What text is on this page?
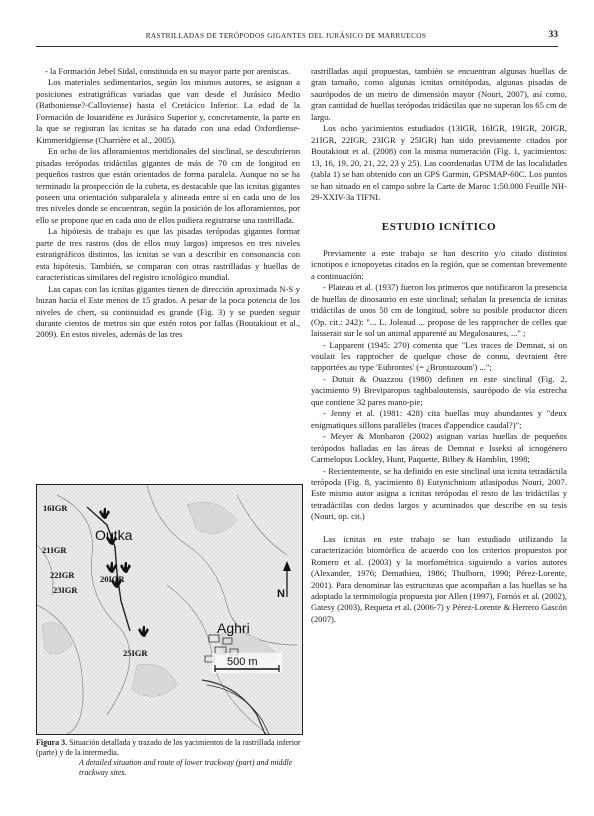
RASTRILLADAS DE TERÓPODOS GIGANTES DEL JURÁSICO DE MARRUECOS	33

- la Formación Jebel Sidal, constituida en su mayor parte por areniscas.

Los materiales sedimentarios, según los mismos autores, se asignan a posiciones estratigráficas variadas que van desde el Jurásico Medio (Bathoniense?-Calloviense) hasta el Cretácico Inferior. La edad de la Formación de Iouaridène es Jurásico Superior y, concretamente, la parte en la que se registran las icnitas se ha datado con una edad Oxfordiense-Kimmeridgiense (Charrière et al., 2005).

En ocho de los afloramientos meridionales del sinclinal, se descubrieron pisadas terópodas tridáctilas gigantes de más de 70 cm de longitud en pequeños rastros que están orientados de forma paralela. Aunque no se ha terminado la prospección de la cubeta, es destacable que las icnitas gigantes poseen una orientación subparalela y alineada entre sí en cada uno de los tres niveles donde se encuentran, según la posición de los afloramientos, por ello se propone que en cada uno de ellos pudiera registrarse una rastrillada.

La hipótesis de trabajo es que las pisadas terópodas gigantes formar parte de tres rastros (dos de ellos muy largos) impresos en tres niveles estratigráficos distintos, las icnitas se van a describir en consonancia con esta hipótesis. También, se comparan con otras rastrilladas y huellas de características similares del registro icnológico mundial.

Las capas con las icnitas gigantes tienen de dirección aproximada N-S y buzan hacia el Este menos de 15 grados. A pesar de la poca potencia de los niveles de chert, su continuidad es grande (Fig. 3) y se pueden seguir durante cientos de metros sin que estén rotos por fallas (Boutakiout et al., 2009). En estos niveles, además de las tres

16IGR
21IGR
22IGR	20IGR
23IGR
25IGR
Outka
Aghri
N
500 m
Figura 3. Situación detallada y trazado de los yacimientos de la rastrillada inferior (parte) y de la intermedia.
A detailed situation and route of lower trackway (part) and middle trackway sites.

rastrilladas aquí propuestas, también se encuentran algunas huellas de gran tamaño, como algunas icnitas ornitópodas, algunas pisadas de saurópodos de un metro de dimensión mayor (Nouri, 2007), así como, gran cantidad de huellas terópodas tridáctilas que no superan los 65 cm de largo.

Los ocho yacimientos estudiados (13IGR, 16IGR, 19IGR, 20IGR, 21IGR, 22IGR, 23IGR y 25IGR) han sido previamente citados por Boutakiout et al. (2008) con la misma numeración (Fig. 1, yacimientos: 13, 16, 19, 20, 21, 22, 23 y 25). Las coordenadas UTM de las localidades (tabla 1) se han obtenido con un GPS Garmin, GPSMAP-60C. Los puntos se han situado en el campo sobre la Carte de Maroc 1:50.000 Feuille NH-29-XXIV-3a TIFNI.

ESTUDIO ICNÍTICO

Previamente a este trabajo se han descrito y/o citado distintos icnotipos e icnopoyetas citados en la región, que se comentan brevemente a continuación:

- Plateau et al. (1937) fueron los primeros que notificaron la presencia de huellas de dinosaurio en este sinclinal; señalan la presencia de icnitas tridáctilas de unos 50 cm de longitud, sobre su posible productor dicen (Op. cit.: 242): "... L. Joleaud ... propose de les rapprocher de celles que laisserait sur le sol un animal apparenté au Megalosaures, ..." ;

- Lapparent (1945: 270) comenta que "Les traces de Demnat, si on voulait les rapprocher de quelque chose de connu, devraient être rapportées au type 'Eubrontes' (= ¿Brontozoum') ...";

- Dutuit & Ouazzou (1980) definen en este sinclinal (Fig. 2, yacimiento 9) Breviparopus taghbaloutensis, saurópodo de vía estrecha que contiene 32 pares mano-pie;

- Jenny et al. (1981: 428) cita huellas muy abundantes y "deux enigmatiques sillons parallèles (traces d'appendice caudal?)";

- Meyer & Monbaron (2002) asignan varias huellas de pequeños terópodos halladas en las áreas de Demnat e Isseksi al icnogénero Carmelopus Lockley, Hunt, Paquette, Bilbey & Hamblin, 1998;

- Recientemente, se ha definido en este sinclinal una icnita tetradáctila terópoda (Fig. 8, yacimiento 8) Eutynichnium atlasipodus Nouri, 2007. Este mismo autor asigna a icnitas terópodas el resto de las tridáctilas y tetradáctilas con dedos largos y acuminados que describe en su tesis (Nouri, op. cit.)

Las icnitas en este trabajo se han estudiado utilizando la caracterización biomórfica de acuerdo con los criterios propuestos por Romero et al. (2003) y la morfométrica siguiendo a varios autores (Alexander, 1976; Demathieu, 1986; Thulborn, 1990; Pérez-Lorente, 2001). Para denominar las estructuras que acompañan a las huellas se ha adoptado la terminología propuesta por Allen (1997), Fornós et al. (2002), Gatesy (2003), Requeta et al. (2006-7) y Pérez-Lorente & Herrero Gascón (2007).
